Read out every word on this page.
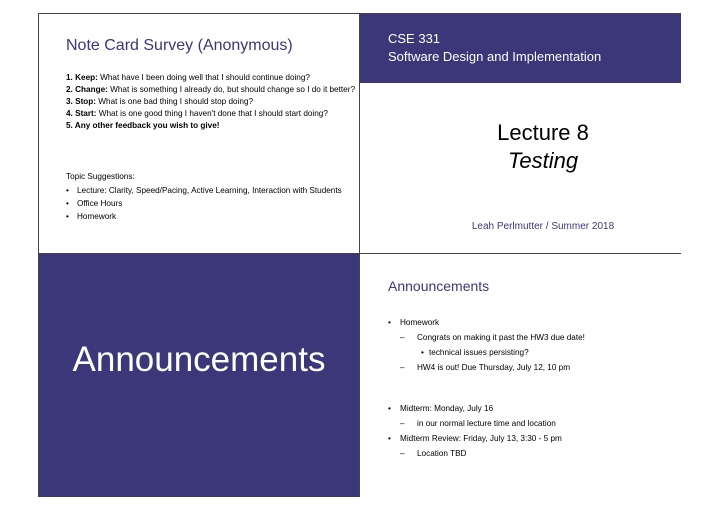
Note Card Survey (Anonymous)
1. Keep: What have I been doing well that I should continue doing?
2. Change: What is something I already do, but should change so I do it better?
3. Stop: What is one bad thing I should stop doing?
4. Start: What is one good thing I haven't done that I should start doing?
5. Any other feedback you wish to give!
Topic Suggestions:
• Lecture: Clarity, Speed/Pacing, Active Learning, Interaction with Students
• Office Hours
• Homework
CSE 331
Software Design and Implementation
Lecture 8
Testing
Leah Perlmutter / Summer 2018
Announcements
Announcements
• Homework
– Congrats on making it past the HW3 due date!
• technical issues persisting?
– HW4 is out! Due Thursday, July 12, 10 pm
• Midterm: Monday, July 16
– in our normal lecture time and location
• Midterm Review: Friday, July 13, 3:30 - 5 pm
– Location TBD
